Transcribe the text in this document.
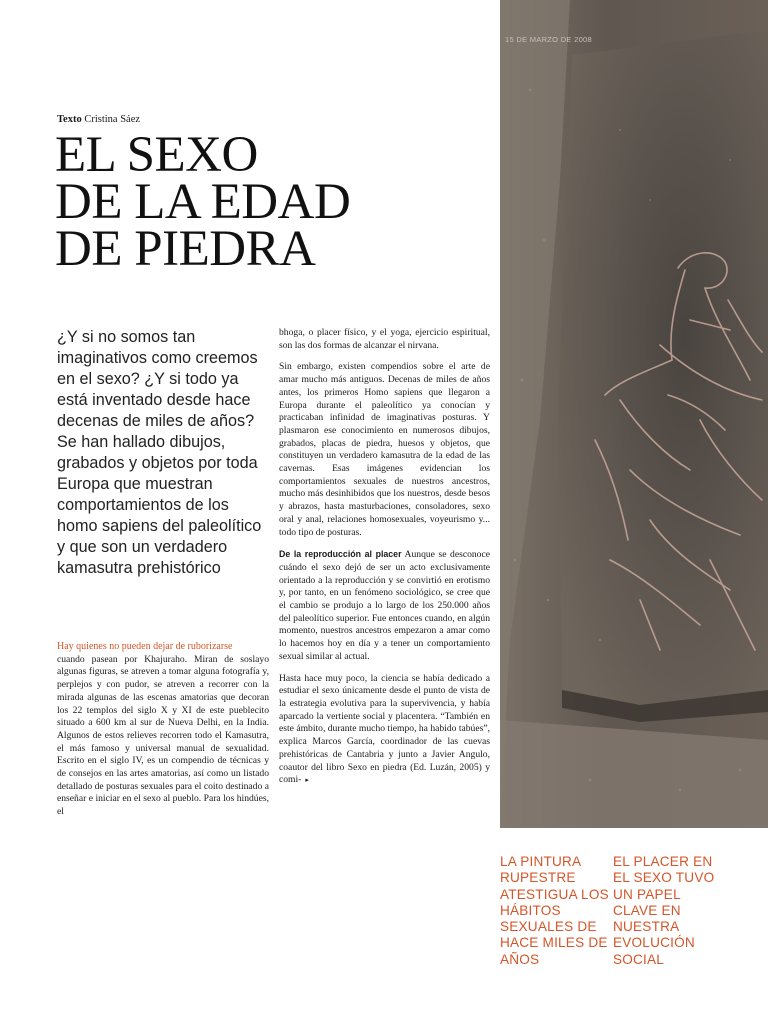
Texto Cristina Sáez
EL SEXO
DE LA EDAD
DE PIEDRA

¿Y si no somos tan imaginativos como creemos en el sexo? ¿Y si todo ya está inventado desde hace decenas de miles de años? Se han hallado dibujos, grabados y objetos por toda Europa que muestran comportamientos de los homo sapiens del paleolítico y que son un verdadero kamasutra prehistórico

Hay quienes no pueden dejar de ruborizarse
cuando pasean por Khajuraho. Miran de soslayo algunas figuras, se atreven a tomar alguna fotografía y, perplejos y con pudor, se atreven a recorrer con la mirada algunas de las escenas amatorias que decoran los 22 templos del siglo X y XI de este pueblecito situado a 600 km al sur de Nueva Delhi, en la India. Algunos de estos relieves recorren todo el Kamasutra, el más famoso y universal manual de sexualidad. Escrito en el siglo IV, es un compendio de técnicas y de consejos en las artes amatorias, así como un listado detallado de posturas sexuales para el coito destinado a enseñar e iniciar en el sexo al pueblo. Para los hindúes, el

bhoga, o placer físico, y el yoga, ejercicio espiritual, son las dos formas de alcanzar el nirvana.

Sin embargo, existen compendios sobre el arte de amar mucho más antiguos. Decenas de miles de años antes, los primeros Homo sapiens que llegaron a Europa durante el paleolítico ya conocían y practicaban infinidad de imaginativas posturas. Y plasmaron ese conocimiento en numerosos dibujos, grabados, placas de piedra, huesos y objetos, que constituyen un verdadero kamasutra de la edad de las cavernas. Esas imágenes evidencian los comportamientos sexuales de nuestros ancestros, mucho más desinhibidos que los nuestros, desde besos y abrazos, hasta masturbaciones, consoladores, sexo oral y anal, relaciones homosexuales, voyeurismo y... todo tipo de posturas.

De la reproducción al placer Aunque se desconoce cuándo el sexo dejó de ser un acto exclusivamente orientado a la reproducción y se convirtió en erotismo y, por tanto, en un fenómeno sociológico, se cree que el cambio se produjo a lo largo de los 250.000 años del paleolítico superior. Fue entonces cuando, en algún momento, nuestros ancestros empezaron a amar como lo hacemos hoy en día y a tener un comportamiento sexual similar al actual.

Hasta hace muy poco, la ciencia se había dedicado a estudiar el sexo únicamente desde el punto de vista de la estrategia evolutiva para la supervivencia, y había aparcado la vertiente social y placentera. “También en este ámbito, durante mucho tiempo, ha habido tabúes”, explica Marcos García, coordinador de las cuevas prehistóricas de Cantabria y junto a Javier Angulo, coautor del libro Sexo en piedra (Ed. Luzán, 2005) y comi- ▸

15 DE MARZO DE 2008

LA PINTURA RUPESTRE ATESTIGUA LOS HÁBITOS SEXUALES DE HACE MILES DE AÑOS

EL PLACER EN EL SEXO TUVO UN PAPEL CLAVE EN NUESTRA EVOLUCIÓN SOCIAL
